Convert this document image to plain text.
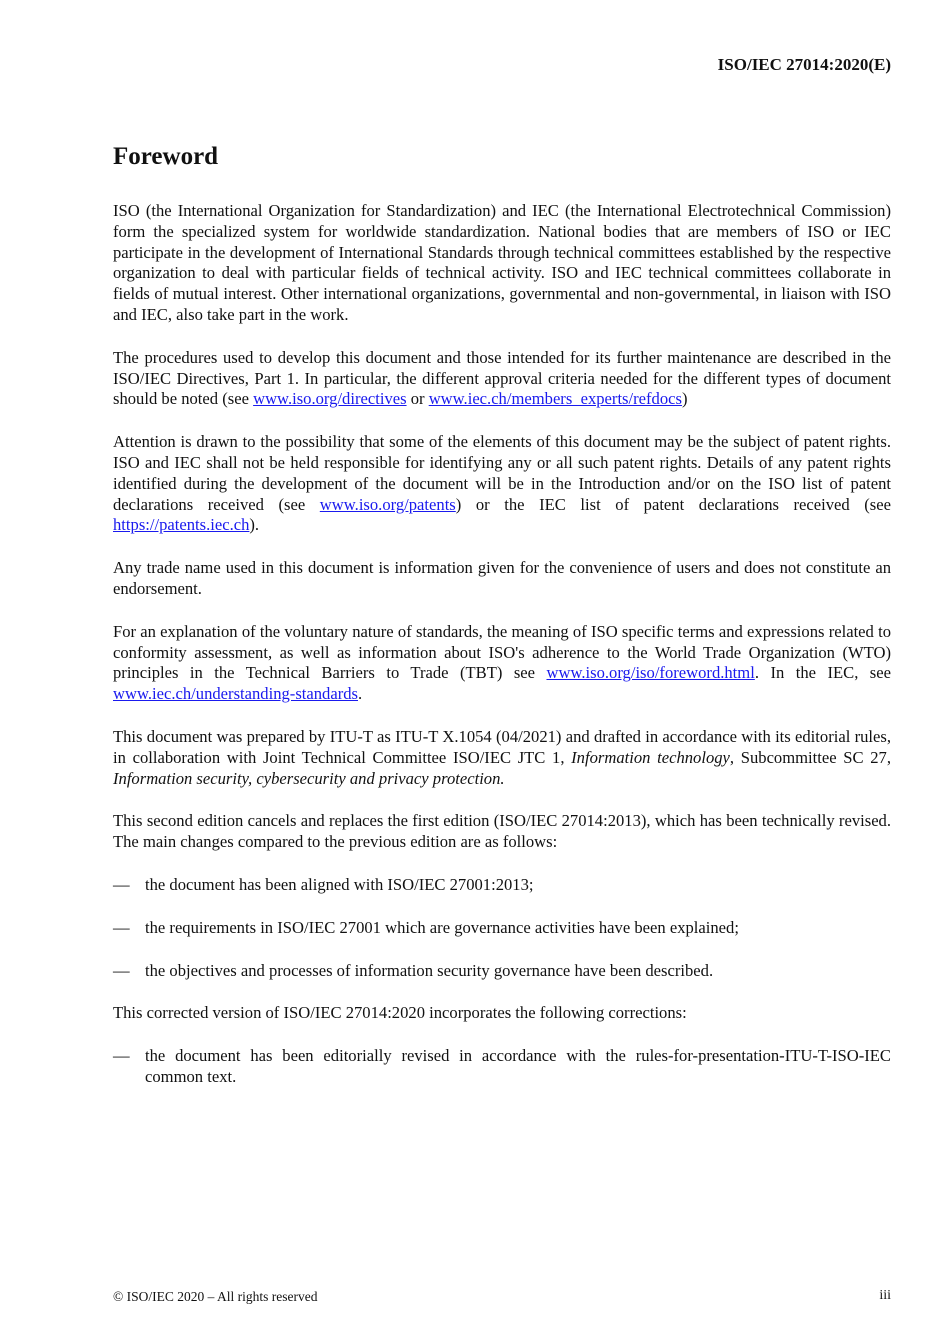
ISO/IEC 27014:2020(E)
Foreword

ISO (the International Organization for Standardization) and IEC (the International Electrotechnical Commission) form the specialized system for worldwide standardization. National bodies that are members of ISO or IEC participate in the development of International Standards through technical committees established by the respective organization to deal with particular fields of technical activity. ISO and IEC technical committees collaborate in fields of mutual interest. Other international organizations, governmental and non-governmental, in liaison with ISO and IEC, also take part in the work.

The procedures used to develop this document and those intended for its further maintenance are described in the ISO/IEC Directives, Part 1. In particular, the different approval criteria needed for the different types of document should be noted (see www.iso.org/directives or www.iec.ch/members_experts/refdocs)

Attention is drawn to the possibility that some of the elements of this document may be the subject of patent rights. ISO and IEC shall not be held responsible for identifying any or all such patent rights. Details of any patent rights identified during the development of the document will be in the Introduction and/or on the ISO list of patent declarations received (see www.iso.org/patents) or the IEC list of patent declarations received (see https://patents.iec.ch).

Any trade name used in this document is information given for the convenience of users and does not constitute an endorsement.

For an explanation of the voluntary nature of standards, the meaning of ISO specific terms and expressions related to conformity assessment, as well as information about ISO's adherence to the World Trade Organization (WTO) principles in the Technical Barriers to Trade (TBT) see www.iso.org/iso/foreword.html. In the IEC, see www.iec.ch/understanding-standards.

This document was prepared by ITU-T as ITU-T X.1054 (04/2021) and drafted in accordance with its editorial rules, in collaboration with Joint Technical Committee ISO/IEC JTC 1, Information technology, Subcommittee SC 27, Information security, cybersecurity and privacy protection.

This second edition cancels and replaces the first edition (ISO/IEC 27014:2013), which has been technically revised. The main changes compared to the previous edition are as follows:

— the document has been aligned with ISO/IEC 27001:2013;
— the requirements in ISO/IEC 27001 which are governance activities have been explained;
— the objectives and processes of information security governance have been described.

This corrected version of ISO/IEC 27014:2020 incorporates the following corrections:

— the document has been editorially revised in accordance with the rules-for-presentation-ITU-T-ISO-IEC common text.
© ISO/IEC 2020 – All rights reserved	iii
